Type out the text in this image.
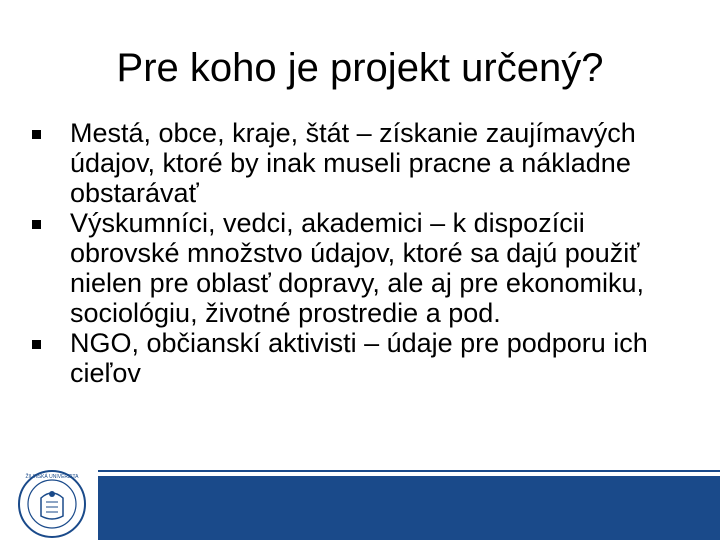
Pre koho je projekt určený?
Mestá, obce, kraje, štát – získanie zaujímavých údajov, ktoré by inak museli pracne a nákladne obstarávať
Výskumníci, vedci, akademici – k dispozícii obrovské množstvo údajov, ktoré sa dajú použiť nielen pre oblasť dopravy, ale aj pre ekonomiku, sociológiu, životné prostredie a pod.
NGO, občianskí aktivisti – údaje pre podporu ich cieľov
ŽILINSKÁ UNIVERZITA
